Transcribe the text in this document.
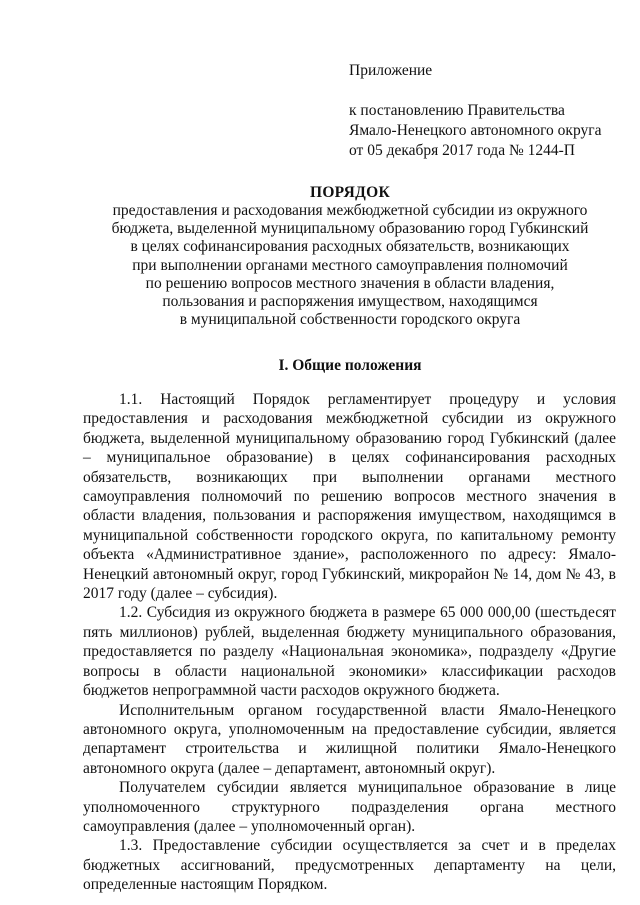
Приложение
к постановлению Правительства
Ямало-Ненецкого автономного округа
от 05 декабря 2017 года № 1244-П
ПОРЯДОК
предоставления и расходования межбюджетной субсидии из окружного
бюджета, выделенной муниципальному образованию город Губкинский
в целях софинансирования расходных обязательств, возникающих
при выполнении органами местного самоуправления полномочий
по решению вопросов местного значения в области владения,
пользования и распоряжения имуществом, находящимся
в муниципальной собственности городского округа
I. Общие положения

1.1. Настоящий Порядок регламентирует процедуру и условия предоставления и расходования межбюджетной субсидии из окружного бюджета, выделенной муниципальному образованию город Губкинский (далее – муниципальное образование) в целях софинансирования расходных обязательств, возникающих при выполнении органами местного самоуправления полномочий по решению вопросов местного значения в области владения, пользования и распоряжения имуществом, находящимся в муниципальной собственности городского округа, по капитальному ремонту объекта «Административное здание», расположенного по адресу: Ямало-Ненецкий автономный округ, город Губкинский, микрорайон № 14, дом № 43, в 2017 году (далее – субсидия).

1.2. Субсидия из окружного бюджета в размере 65 000 000,00 (шестьдесят пять миллионов) рублей, выделенная бюджету муниципального образования, предоставляется по разделу «Национальная экономика», подразделу «Другие вопросы в области национальной экономики» классификации расходов бюджетов непрограммной части расходов окружного бюджета.

Исполнительным органом государственной власти Ямало-Ненецкого автономного округа, уполномоченным на предоставление субсидии, является департамент строительства и жилищной политики Ямало-Ненецкого автономного округа (далее – департамент, автономный округ).

Получателем субсидии является муниципальное образование в лице уполномоченного структурного подразделения органа местного самоуправления (далее – уполномоченный орган).

1.3. Предоставление субсидии осуществляется за счет и в пределах бюджетных ассигнований, предусмотренных департаменту на цели, определенные настоящим Порядком.
